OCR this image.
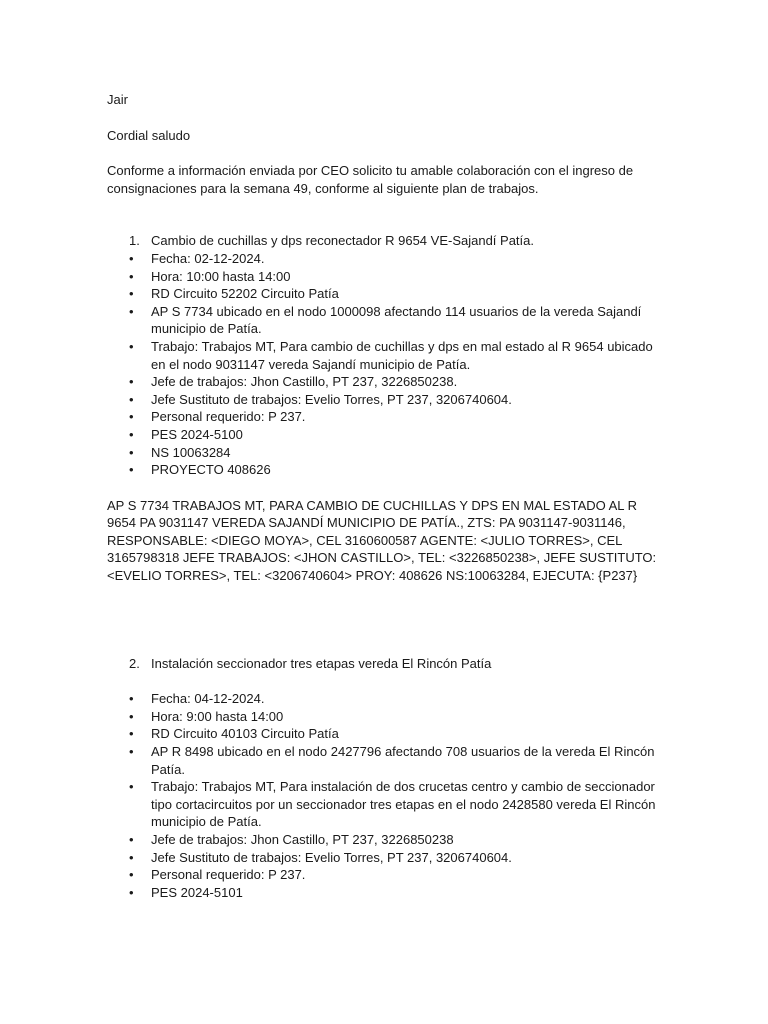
Jair

Cordial saludo

Conforme a información enviada por CEO solicito tu amable colaboración con el ingreso de consignaciones para la semana 49, conforme al siguiente plan de trabajos.

1. Cambio de cuchillas y dps reconectador R 9654 VE-Sajandí Patía.
•	Fecha: 02-12-2024.
•	Hora: 10:00 hasta 14:00
•	RD Circuito 52202 Circuito Patía
•	AP S 7734 ubicado en el nodo 1000098 afectando 114 usuarios de la vereda Sajandí municipio de Patía.
•	Trabajo: Trabajos MT, Para cambio de cuchillas y dps en mal estado al R 9654 ubicado en el nodo 9031147 vereda Sajandí municipio de Patía.
•	Jefe de trabajos: Jhon Castillo, PT 237, 3226850238.
•	Jefe Sustituto de trabajos: Evelio Torres, PT 237, 3206740604.
•	Personal requerido: P 237.
•	PES 2024-5100
•	NS 10063284
•	PROYECTO 408626

AP S 7734 TRABAJOS MT, PARA CAMBIO DE CUCHILLAS Y DPS EN MAL ESTADO AL R 9654 PA 9031147 VEREDA SAJANDÍ MUNICIPIO DE PATÍA., ZTS: PA 9031147-9031146, RESPONSABLE: <DIEGO MOYA>, CEL 3160600587 AGENTE: <JULIO TORRES>, CEL 3165798318 JEFE TRABAJOS: <JHON CASTILLO>, TEL: <3226850238>, JEFE SUSTITUTO: <EVELIO TORRES>, TEL: <3206740604> PROY: 408626 NS:10063284, EJECUTA: {P237}

2. Instalación seccionador tres etapas vereda El Rincón Patía
•	Fecha: 04-12-2024.
•	Hora: 9:00 hasta 14:00
•	RD Circuito 40103 Circuito Patía
•	AP R 8498 ubicado en el nodo 2427796 afectando 708 usuarios de la vereda El Rincón Patía.
•	Trabajo: Trabajos MT, Para instalación de dos crucetas centro y cambio de seccionador tipo cortacircuitos por un seccionador tres etapas en el nodo 2428580 vereda El Rincón municipio de Patía.
•	Jefe de trabajos: Jhon Castillo, PT 237, 3226850238
•	Jefe Sustituto de trabajos: Evelio Torres, PT 237, 3206740604.
•	Personal requerido: P 237.
•	PES 2024-5101
